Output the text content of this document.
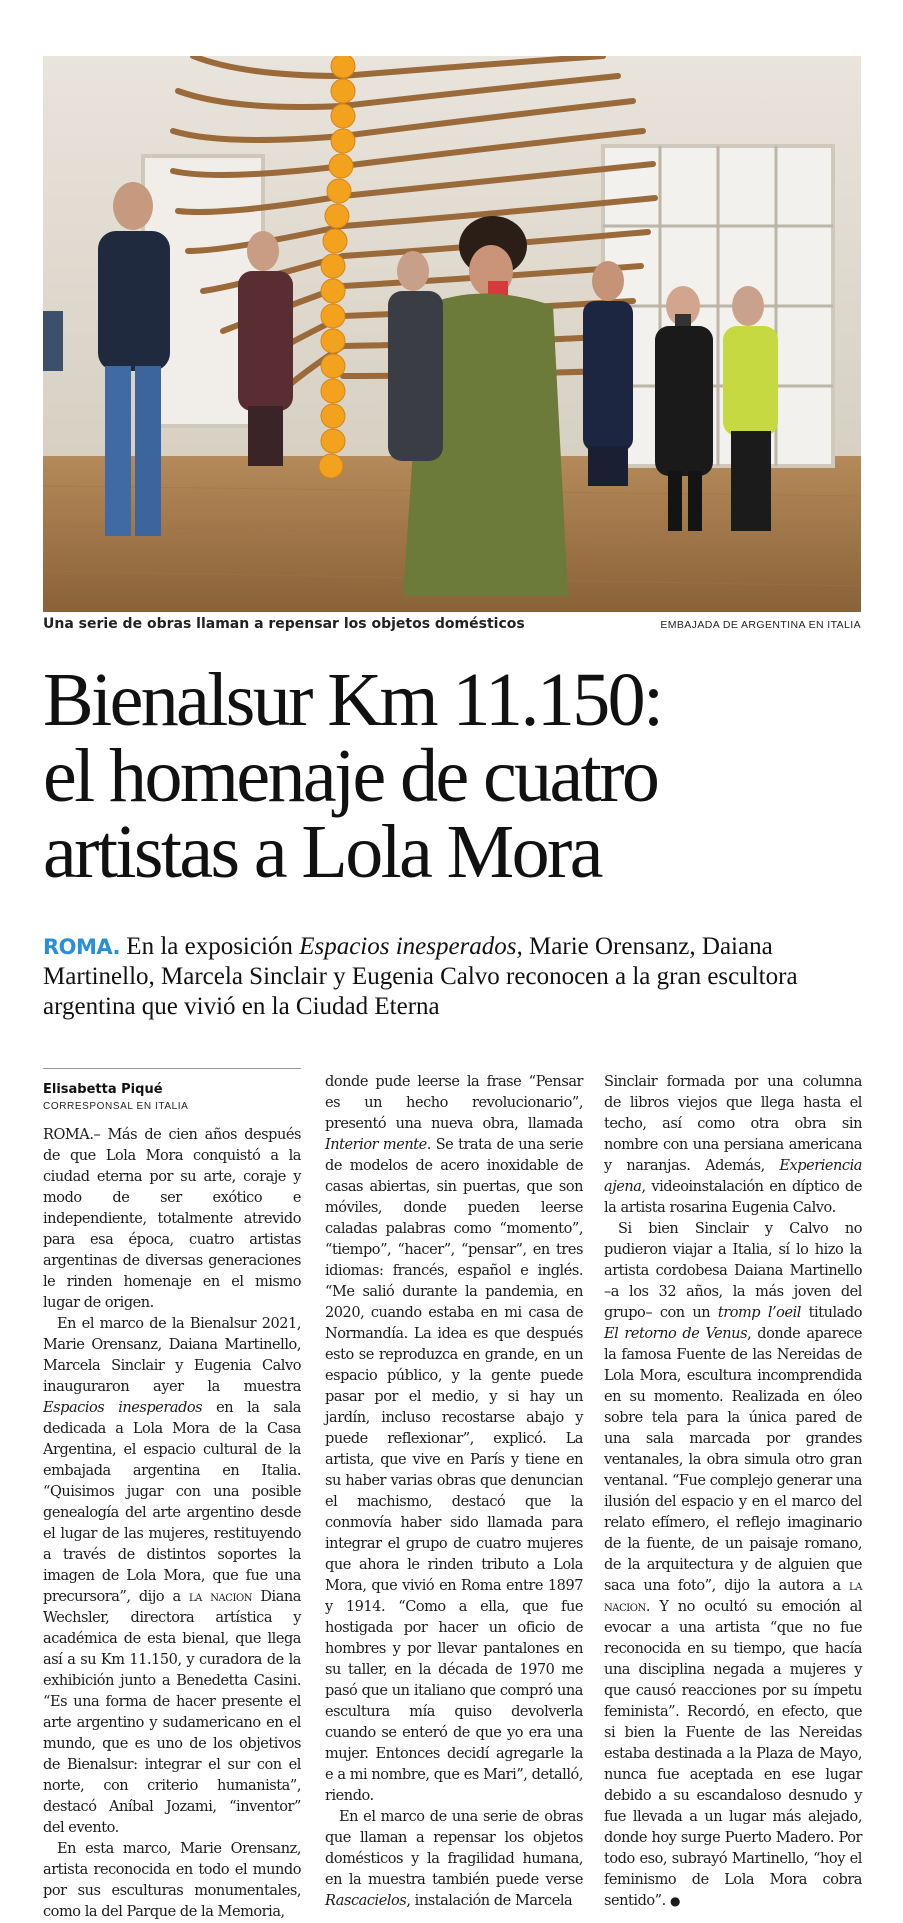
Una serie de obras llaman a repensar los objetos domésticos	EMBAJADA DE ARGENTINA EN ITALIA
Bienalsur Km 11.150:
el homenaje de cuatro
artistas a Lola Mora
ROMA. En la exposición Espacios inesperados, Marie Orensanz, Daiana Martinello, Marcela Sinclair y Eugenia Calvo reconocen a la gran escultora argentina que vivió en la Ciudad Eterna
Elisabetta Piqué
CORRESPONSAL EN ITALIA

ROMA.– Más de cien años después de que Lola Mora conquistó a la ciudad eterna por su arte, coraje y modo de ser exótico e independiente, totalmente atrevido para esa época, cuatro artistas argentinas de diversas generaciones le rinden homenaje en el mismo lugar de origen.

En el marco de la Bienalsur 2021, Marie Orensanz, Daiana Martinello, Marcela Sinclair y Eugenia Calvo inauguraron ayer la muestra Espacios inesperados en la sala dedicada a Lola Mora de la Casa Argentina, el espacio cultural de la embajada argentina en Italia. “Quisimos jugar con una posible genealogía del arte argentino desde el lugar de las mujeres, restituyendo a través de distintos soportes la imagen de Lola Mora, que fue una precursora”, dijo a la nacion Diana Wechsler, directora artística y académica de esta bienal, que llega así a su Km 11.150, y curadora de la exhibición junto a Benedetta Casini. “Es una forma de hacer presente el arte argentino y sudamericano en el mundo, que es uno de los objetivos de Bienalsur: integrar el sur con el norte, con criterio humanista”, destacó Aníbal Jozami, “inventor” del evento.

En esta marco, Marie Orensanz, artista reconocida en todo el mundo por sus esculturas monumentales, como la del Parque de la Memoria,

donde pude leerse la frase “Pensar es un hecho revolucionario”, presentó una nueva obra, llamada Interior mente. Se trata de una serie de modelos de acero inoxidable de casas abiertas, sin puertas, que son móviles, donde pueden leerse caladas palabras como “momento”, “tiempo”, “hacer”, “pensar”, en tres idiomas: francés, español e inglés. “Me salió durante la pandemia, en 2020, cuando estaba en mi casa de Normandía. La idea es que después esto se reproduzca en grande, en un espacio público, y la gente puede pasar por el medio, y si hay un jardín, incluso recostarse abajo y puede reflexionar”, explicó. La artista, que vive en París y tiene en su haber varias obras que denuncian el machismo, destacó que la conmovía haber sido llamada para integrar el grupo de cuatro mujeres que ahora le rinden tributo a Lola Mora, que vivió en Roma entre 1897 y 1914. “Como a ella, que fue hostigada por hacer un oficio de hombres y por llevar pantalones en su taller, en la década de 1970 me pasó que un italiano que compró una escultura mía quiso devolverla cuando se enteró de que yo era una mujer. Entonces decidí agregarle la e a mi nombre, que es Mari”, detalló, riendo.

En el marco de una serie de obras que llaman a repensar los objetos domésticos y la fragilidad humana, en la muestra también puede verse Rascacielos, instalación de Marcela

Sinclair formada por una columna de libros viejos que llega hasta el techo, así como otra obra sin nombre con una persiana americana y naranjas. Además, Experiencia ajena, videoinstalación en díptico de la artista rosarina Eugenia Calvo.

Si bien Sinclair y Calvo no pudieron viajar a Italia, sí lo hizo la artista cordobesa Daiana Martinello –a los 32 años, la más joven del grupo– con un tromp l’oeil titulado El retorno de Venus, donde aparece la famosa Fuente de las Nereidas de Lola Mora, escultura incomprendida en su momento. Realizada en óleo sobre tela para la única pared de una sala marcada por grandes ventanales, la obra simula otro gran ventanal. “Fue complejo generar una ilusión del espacio y en el marco del relato efímero, el reflejo imaginario de la fuente, de un paisaje romano, de la arquitectura y de alguien que saca una foto”, dijo la autora a la nacion. Y no ocultó su emoción al evocar a una artista “que no fue reconocida en su tiempo, que hacía una disciplina negada a mujeres y que causó reacciones por su ímpetu feminista”. Recordó, en efecto, que si bien la Fuente de las Nereidas estaba destinada a la Plaza de Mayo, nunca fue aceptada en ese lugar debido a su escandaloso desnudo y fue llevada a un lugar más alejado, donde hoy surge Puerto Madero. Por todo eso, subrayó Martinello, “hoy el feminismo de Lola Mora cobra sentido”. ●
